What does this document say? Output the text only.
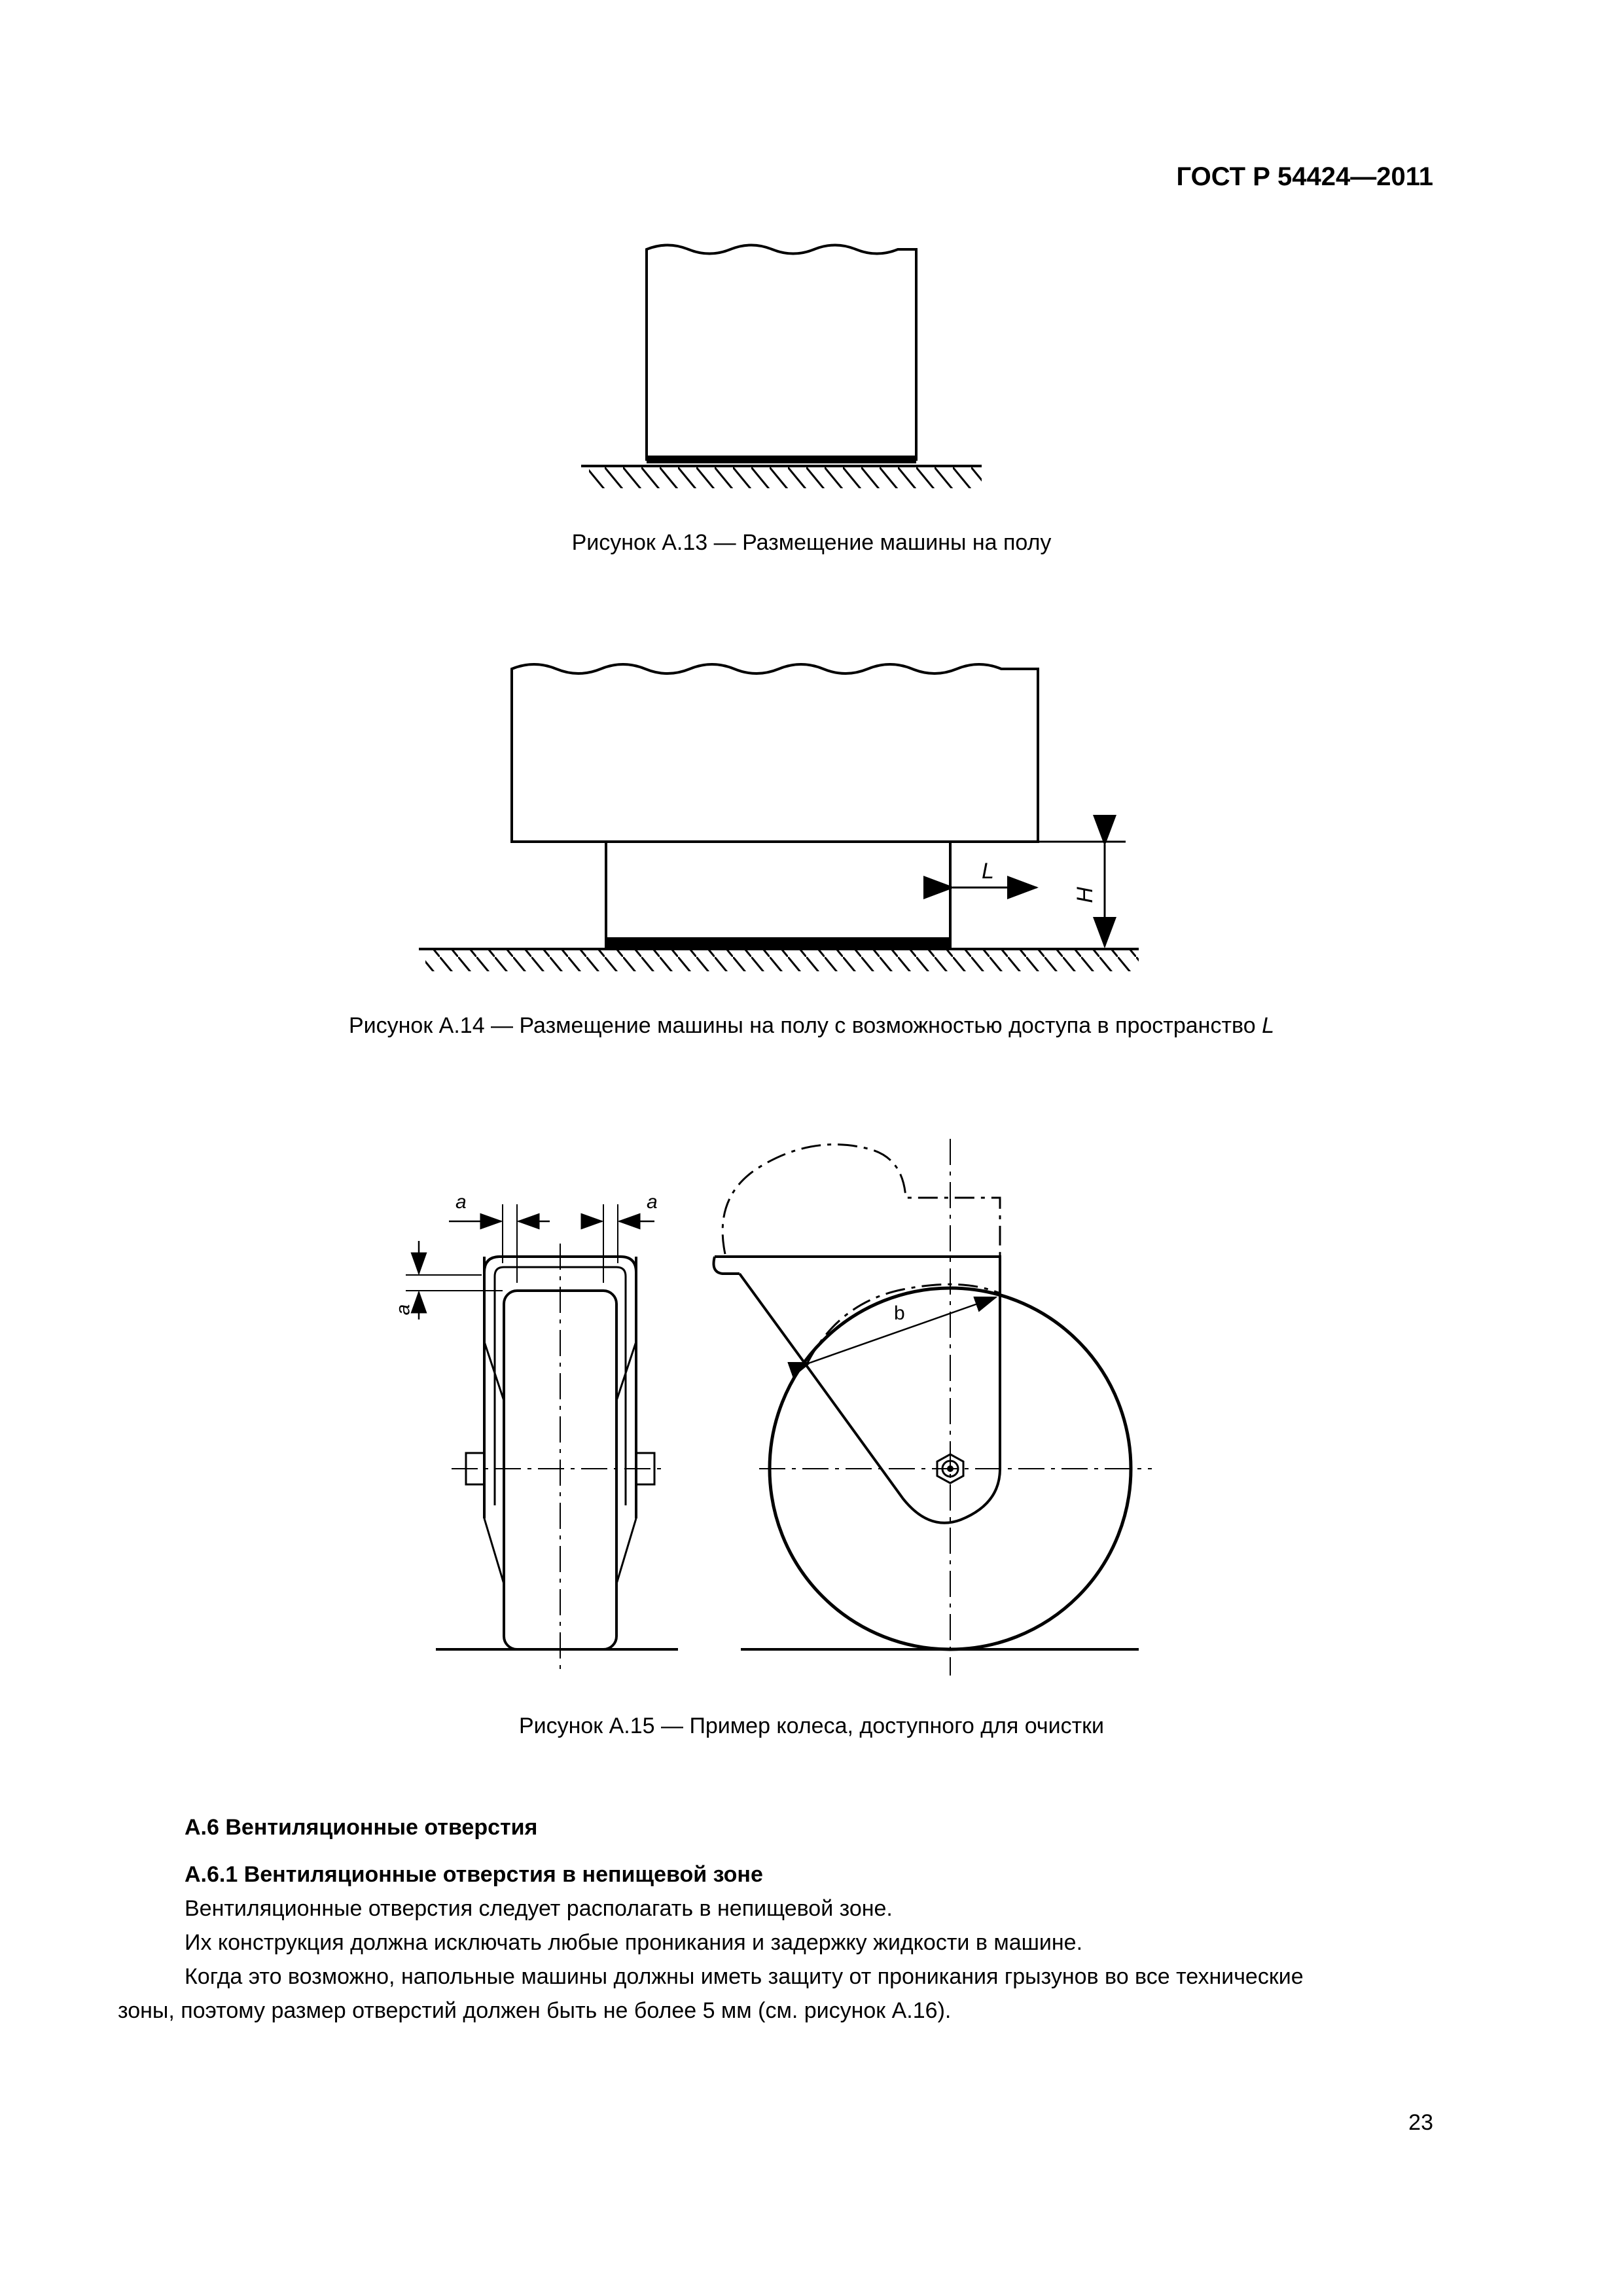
ГОСТ Р 54424—2011
Рисунок А.13 — Размещение машины на полу
L
H
Рисунок А.14 — Размещение машины на полу с возможностью доступа в пространство L
a	a
a	b
Рисунок А.15 — Пример колеса, доступного для очистки

А.6 Вентиляционные отверстия

А.6.1 Вентиляционные отверстия в непищевой зоне

Вентиляционные отверстия следует располагать в непищевой зоне.

Их конструкция должна исключать любые проникания и задержку жидкости в машине.

Когда это возможно, напольные машины должны иметь защиту от проникания грызунов во все технические

зоны, поэтому размер отверстий должен быть не более 5 мм (см. рисунок А.16).

23
